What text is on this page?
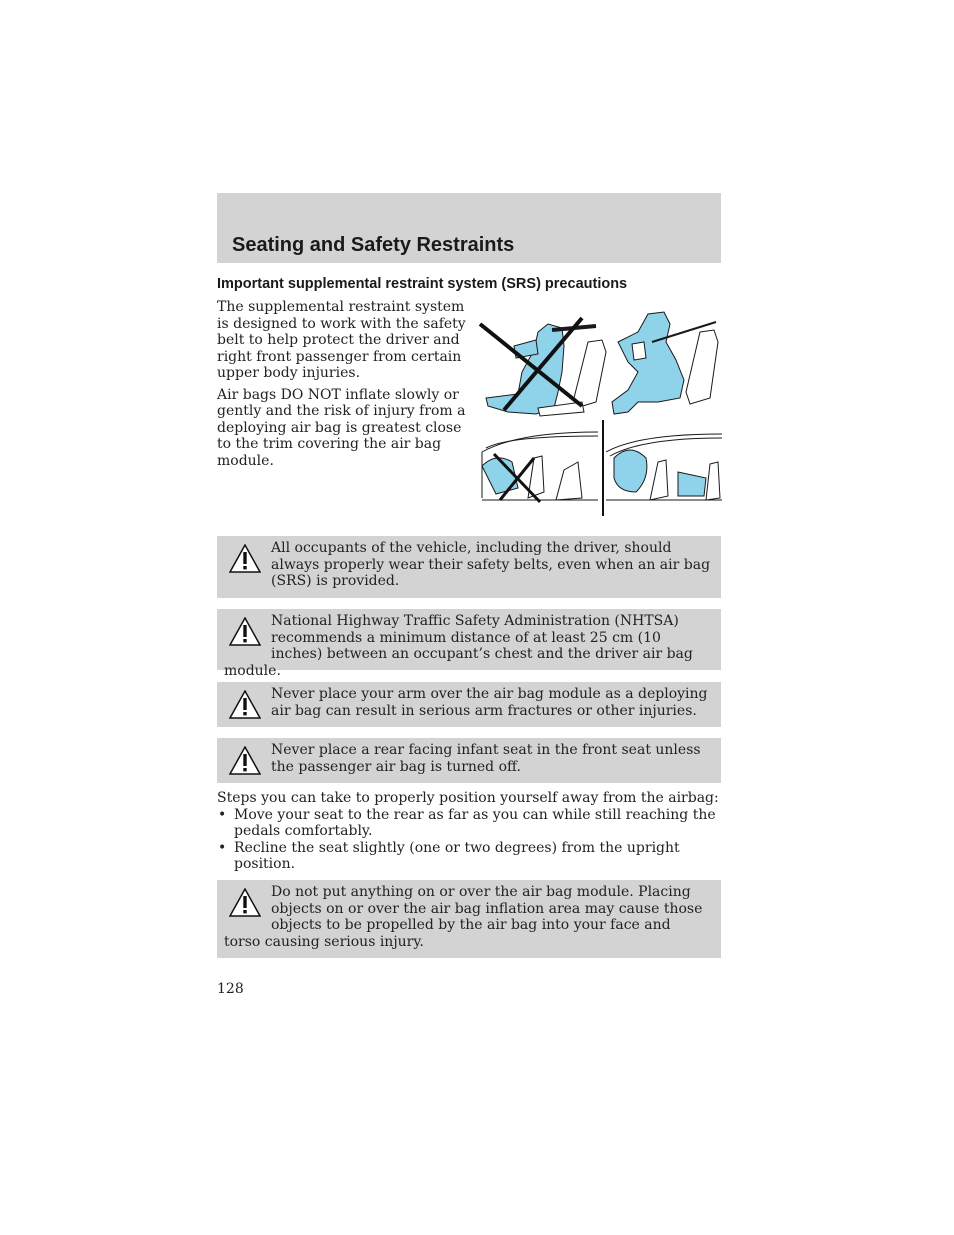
Seating and Safety Restraints
Important supplemental restraint system (SRS) precautions

The supplemental restraint system is designed to work with the safety belt to help protect the driver and right front passenger from certain upper body injuries.

Air bags DO NOT inflate slowly or gently and the risk of injury from a deploying air bag is greatest close to the trim covering the air bag module.

All occupants of the vehicle, including the driver, should always properly wear their safety belts, even when an air bag (SRS) is provided.
National Highway Traffic Safety Administration (NHTSA) recommends a minimum distance of at least 25 cm (10 inches) between an occupant’s chest and the driver air bag module.
Never place your arm over the air bag module as a deploying air bag can result in serious arm fractures or other injuries.
Never place a rear facing infant seat in the front seat unless the passenger air bag is turned off.

Steps you can take to properly position yourself away from the airbag:

• Move your seat to the rear as far as you can while still reaching the pedals comfortably.
• Recline the seat slightly (one or two degrees) from the upright position.
Do not put anything on or over the air bag module. Placing objects on or over the air bag inflation area may cause those objects to be propelled by the air bag into your face and torso causing serious injury.
128
